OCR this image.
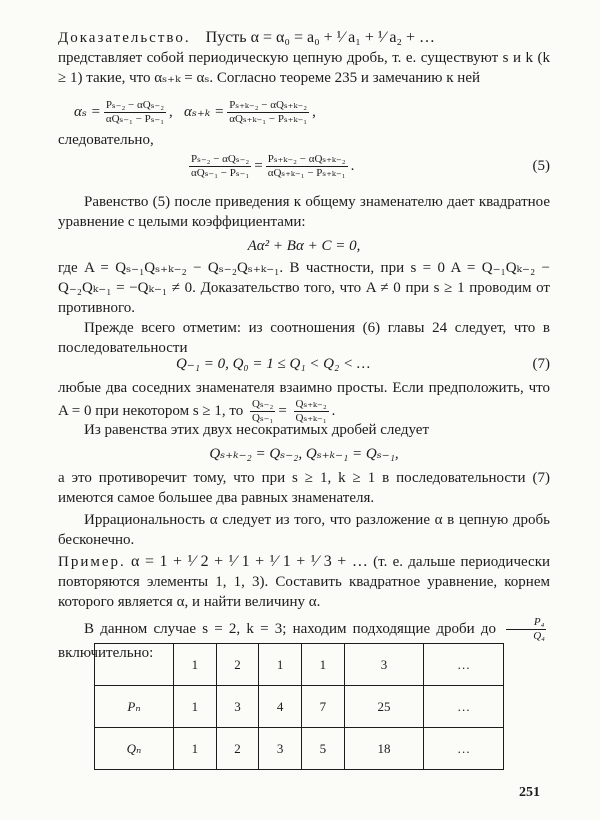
Доказательство. Пусть α = α₀ = a₀ + ¹⁄ a₁ + ¹⁄ a₂ + …
представляет собой периодическую цепную дробь, т. е. существуют s и k (k ≥ 1) такие, что αₛ₊ₖ = αₛ. Согласно теореме 235 и замечанию к ней
$\alpha_s = \frac{\text{Pₛ₋₂ − αQₛ₋₂}}{\text{αQₛ₋₁ − Pₛ₋₁}}$ , $\alpha_{s+k} = \frac{\text{Pₛ₊ₖ₋₂ − αQₛ₊ₖ₋₂}}{\text{αQₛ₊ₖ₋₁ − Pₛ₊ₖ₋₁}}$ ,
следовательно,
$\frac{\text{Pₛ₋₂ − αQₛ₋₂}}{\text{αQₛ₋₁ − Pₛ₋₁}} = \frac{\text{Pₛ₊ₖ₋₂ − αQₛ₊ₖ₋₂}}{\text{αQₛ₊ₖ₋₁ − Pₛ₊ₖ₋₁}}$ .	(5)
Равенство (5) после приведения к общему знаменателю дает квадратное уравнение с целыми коэффициентами:
Aα² + Bα + C = 0,
где A = Qₛ₋₁Qₛ₊ₖ₋₂ − Qₛ₋₂Qₛ₊ₖ₋₁. В частности, при s = 0 A = Q₋₁Qₖ₋₂ − Q₋₂Qₖ₋₁ = −Qₖ₋₁ ≠ 0. Доказательство того, что A ≠ 0 при s ≥ 1 проводим от противного.
Прежде всего отметим: из соотношения (6) главы 24 следует, что в последовательности
Q₋₁ = 0, Q₀ = 1 ≤ Q₁ < Q₂ < …	(7)
любые два соседних знаменателя взаимно просты. Если предположить, что A = 0 при некотором s ≥ 1, то $\frac{\text{Qₛ₋₂}}{\text{Qₛ₋₁}} = \frac{\text{Qₛ₊ₖ₋₂}}{\text{Qₛ₊ₖ₋₁}}$ .
Из равенства этих двух несократимых дробей следует
Qₛ₊ₖ₋₂ = Qₛ₋₂, Qₛ₊ₖ₋₁ = Qₛ₋₁,
а это противоречит тому, что при s ≥ 1, k ≥ 1 в последовательности (7) имеются самое большее два равных знаменателя.
Иррациональность α следует из того, что разложение α в цепную дробь бесконечно.
Пример. α = 1 + ¹⁄ 2 + ¹⁄ 1 + ¹⁄ 1 + ¹⁄ 3 + … (т. е. дальше периодически повторяются элементы 1, 1, 3). Составить квадратное уравнение, корнем которого является α, и найти величину α.
В данном случае s = 2, k = 3; находим подходящие дроби до $\frac{\text{P₄}}{\text{Q₄}}$
включительно:
	1	2	1	1	3	…
Pₙ	1	3	4	7	25	…
Qₙ	1	2	3	5	18	…
251
